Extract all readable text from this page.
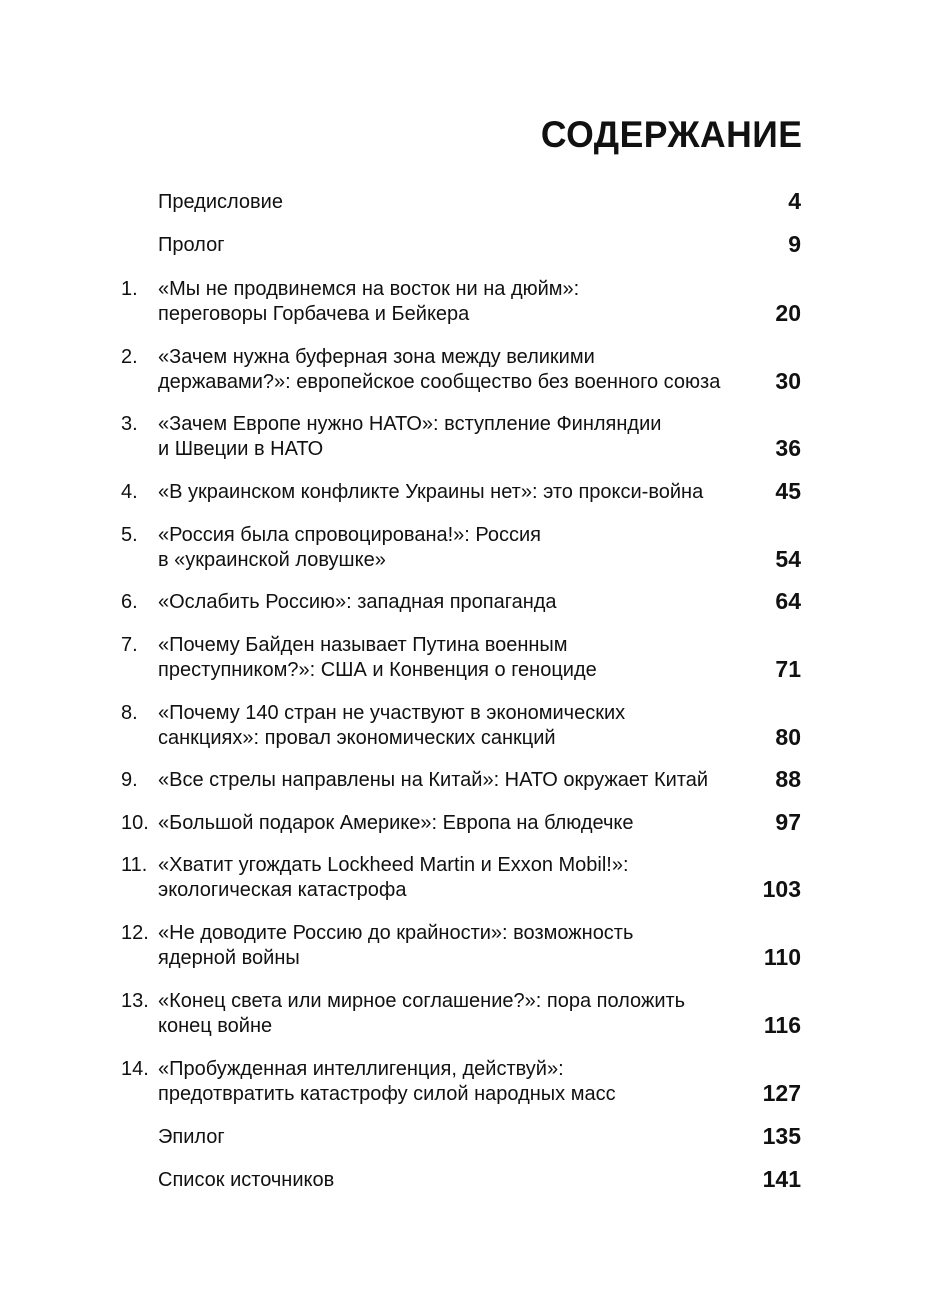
СОДЕРЖАНИЕ
Предисловие	4
Пролог	9
1. «Мы не продвинемся на восток ни на дюйм»:
переговоры Горбачева и Бейкера	20
2. «Зачем нужна буферная зона между великими
державами?»: европейское сообщество без военного союза	30
3. «Зачем Европе нужно НАТО»: вступление Финляндии
и Швеции в НАТО	36
4. «В украинском конфликте Украины нет»: это прокси-война	45
5. «Россия была спровоцирована!»: Россия
в «украинской ловушке»	54
6. «Ослабить Россию»: западная пропаганда	64
7. «Почему Байден называет Путина военным
преступником?»: США и Конвенция о геноциде	71
8. «Почему 140 стран не участвуют в экономических
санкциях»: провал экономических санкций	80
9. «Все стрелы направлены на Китай»: НАТО окружает Китай	88
10. «Большой подарок Америке»: Европа на блюдечке	97
11. «Хватит угождать Lockheed Martin и Exxon Mobil!»:
экологическая катастрофа	103
12. «Не доводите Россию до крайности»: возможность
ядерной войны	110
13. «Конец света или мирное соглашение?»: пора положить
конец войне	116
14. «Пробужденная интеллигенция, действуй»:
предотвратить катастрофу силой народных масс	127
Эпилог	135
Список источников	141
